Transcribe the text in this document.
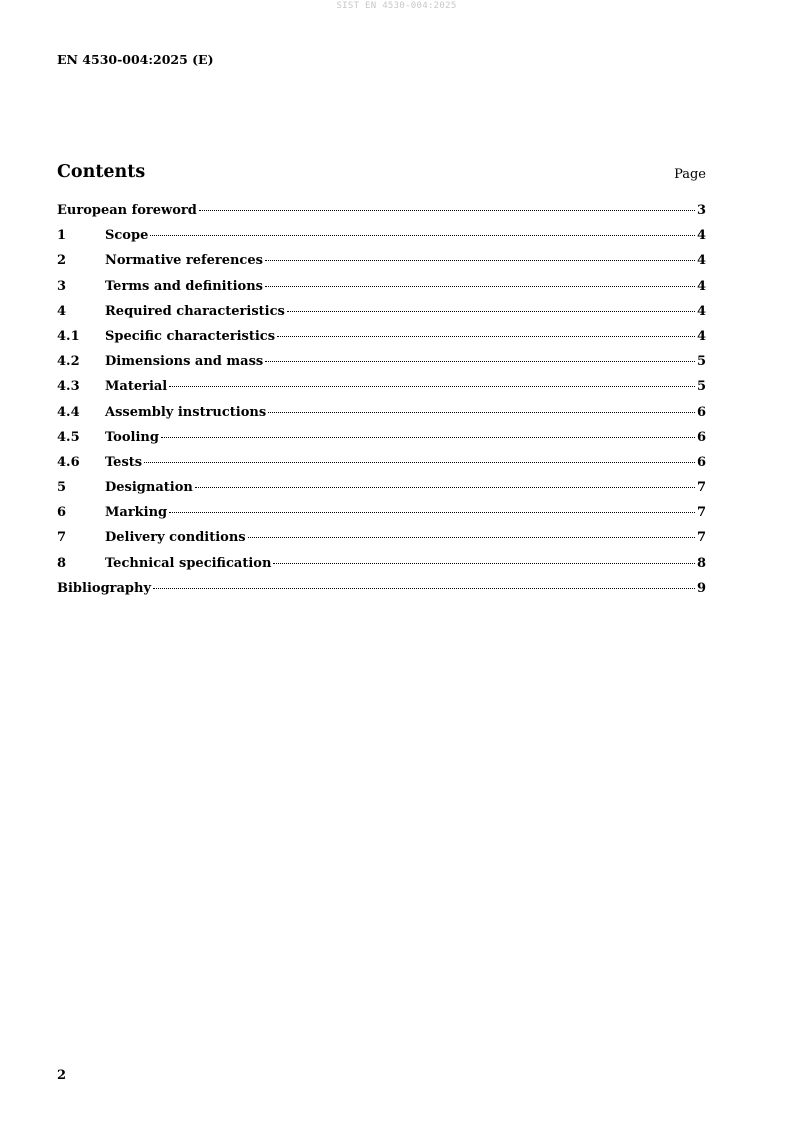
SIST EN 4530-004:2025
EN 4530-004:2025 (E)
Contents	Page
European foreword	3
1	Scope	4
2	Normative references	4
3	Terms and definitions	4
4	Required characteristics	4
4.1	Specific characteristics	4
4.2	Dimensions and mass	5
4.3	Material	5
4.4	Assembly instructions	6
4.5	Tooling	6
4.6	Tests	6
5	Designation	7
6	Marking	7
7	Delivery conditions	7
8	Technical specification	8
Bibliography	9
2
